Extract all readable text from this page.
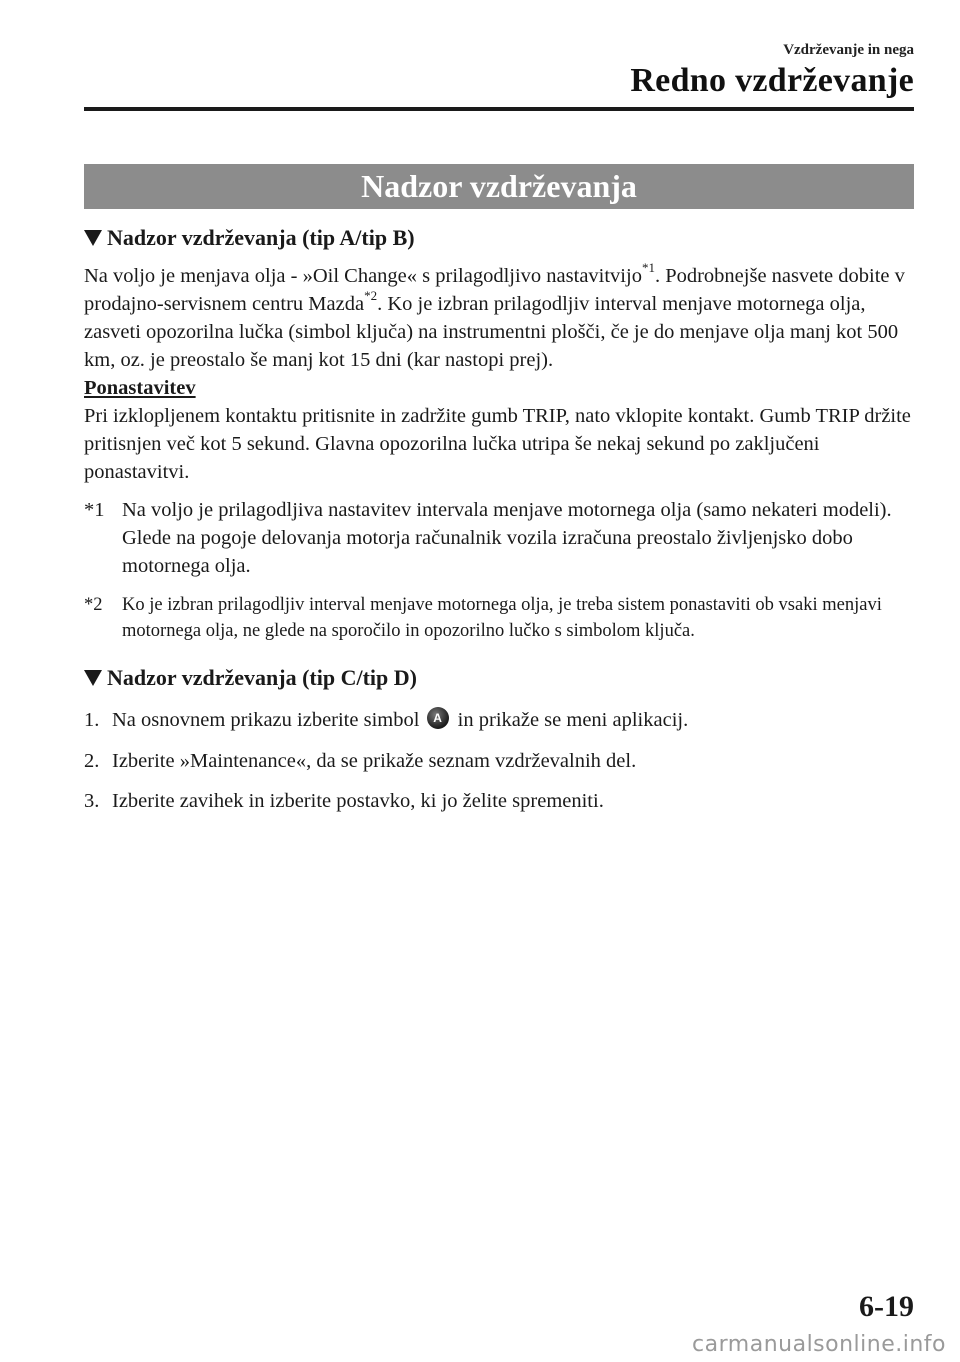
Vzdrževanje in nega
Redno vzdrževanje
Nadzor vzdrževanja
Nadzor vzdrževanja (tip A/tip B)

Na voljo je menjava olja - »Oil Change« s prilagodljivo nastavitvijo$^{*1}$. Podrobnejše nasvete dobite v prodajno-servisnem centru Mazda$^{*2}$. Ko je izbran prilagodljiv interval menjave motornega olja, zasveti opozorilna lučka (simbol ključa) na instrumentni plošči, če je do menjave olja manj kot 500 km, oz. je preostalo še manj kot 15 dni (kar nastopi prej).

Ponastavitev

Pri izklopljenem kontaktu pritisnite in zadržite gumb TRIP, nato vklopite kontakt. Gumb TRIP držite pritisnjen več kot 5 sekund. Glavna opozorilna lučka utripa še nekaj sekund po zaključeni ponastavitvi.

*1 Na voljo je prilagodljiva nastavitev intervala menjave motornega olja (samo nekateri modeli). Glede na pogoje delovanja motorja računalnik vozila izračuna preostalo življenjsko dobo motornega olja.
*2	Ko je izbran prilagodljiv interval menjave motornega olja, je treba sistem ponastaviti ob vsaki menjavi motornega olja, ne glede na sporočilo in opozorilno lučko s simbolom ključa.
Nadzor vzdrževanja (tip C/tip D)
1. Na osnovnem prikazu izberite simbol A in prikaže se meni aplikacij.
2. Izberite »Maintenance«, da se prikaže seznam vzdrževalnih del.
3. Izberite zavihek in izberite postavko, ki jo želite spremeniti.
6-19
carmanualsonline.info
